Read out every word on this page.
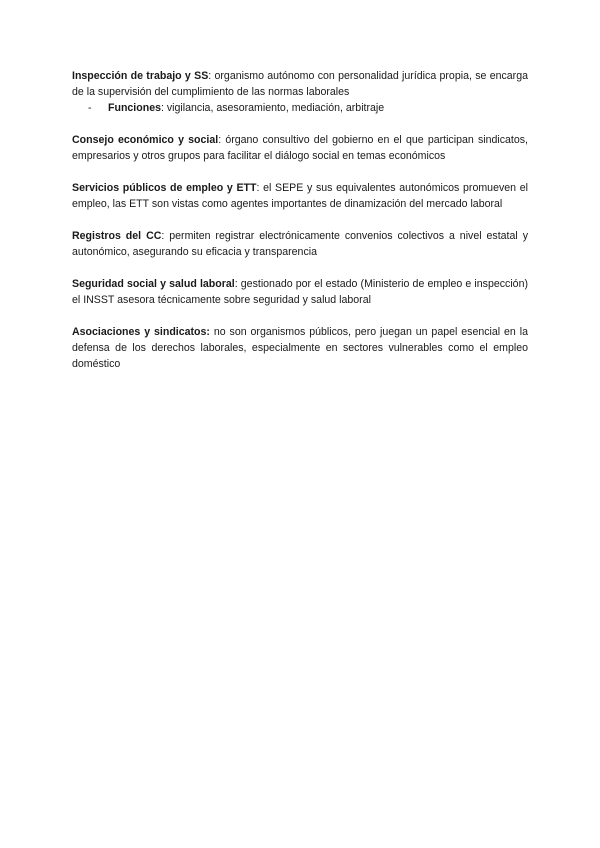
Inspección de trabajo y SS: organismo autónomo con personalidad jurídica propia, se encarga de la supervisión del cumplimiento de las normas laborales

-	Funciones: vigilancia, asesoramiento, mediación, arbitraje

Consejo económico y social: órgano consultivo del gobierno en el que participan sindicatos, empresarios y otros grupos para facilitar el diálogo social en temas económicos

Servicios públicos de empleo y ETT: el SEPE y sus equivalentes autonómicos promueven el empleo, las ETT son vistas como agentes importantes de dinamización del mercado laboral

Registros del CC: permiten registrar electrónicamente convenios colectivos a nivel estatal y autonómico, asegurando su eficacia y transparencia

Seguridad social y salud laboral: gestionado por el estado (Ministerio de empleo e inspección) el INSST asesora técnicamente sobre seguridad y salud laboral

Asociaciones y sindicatos: no son organismos públicos, pero juegan un papel esencial en la defensa de los derechos laborales, especialmente en sectores vulnerables como el empleo doméstico
